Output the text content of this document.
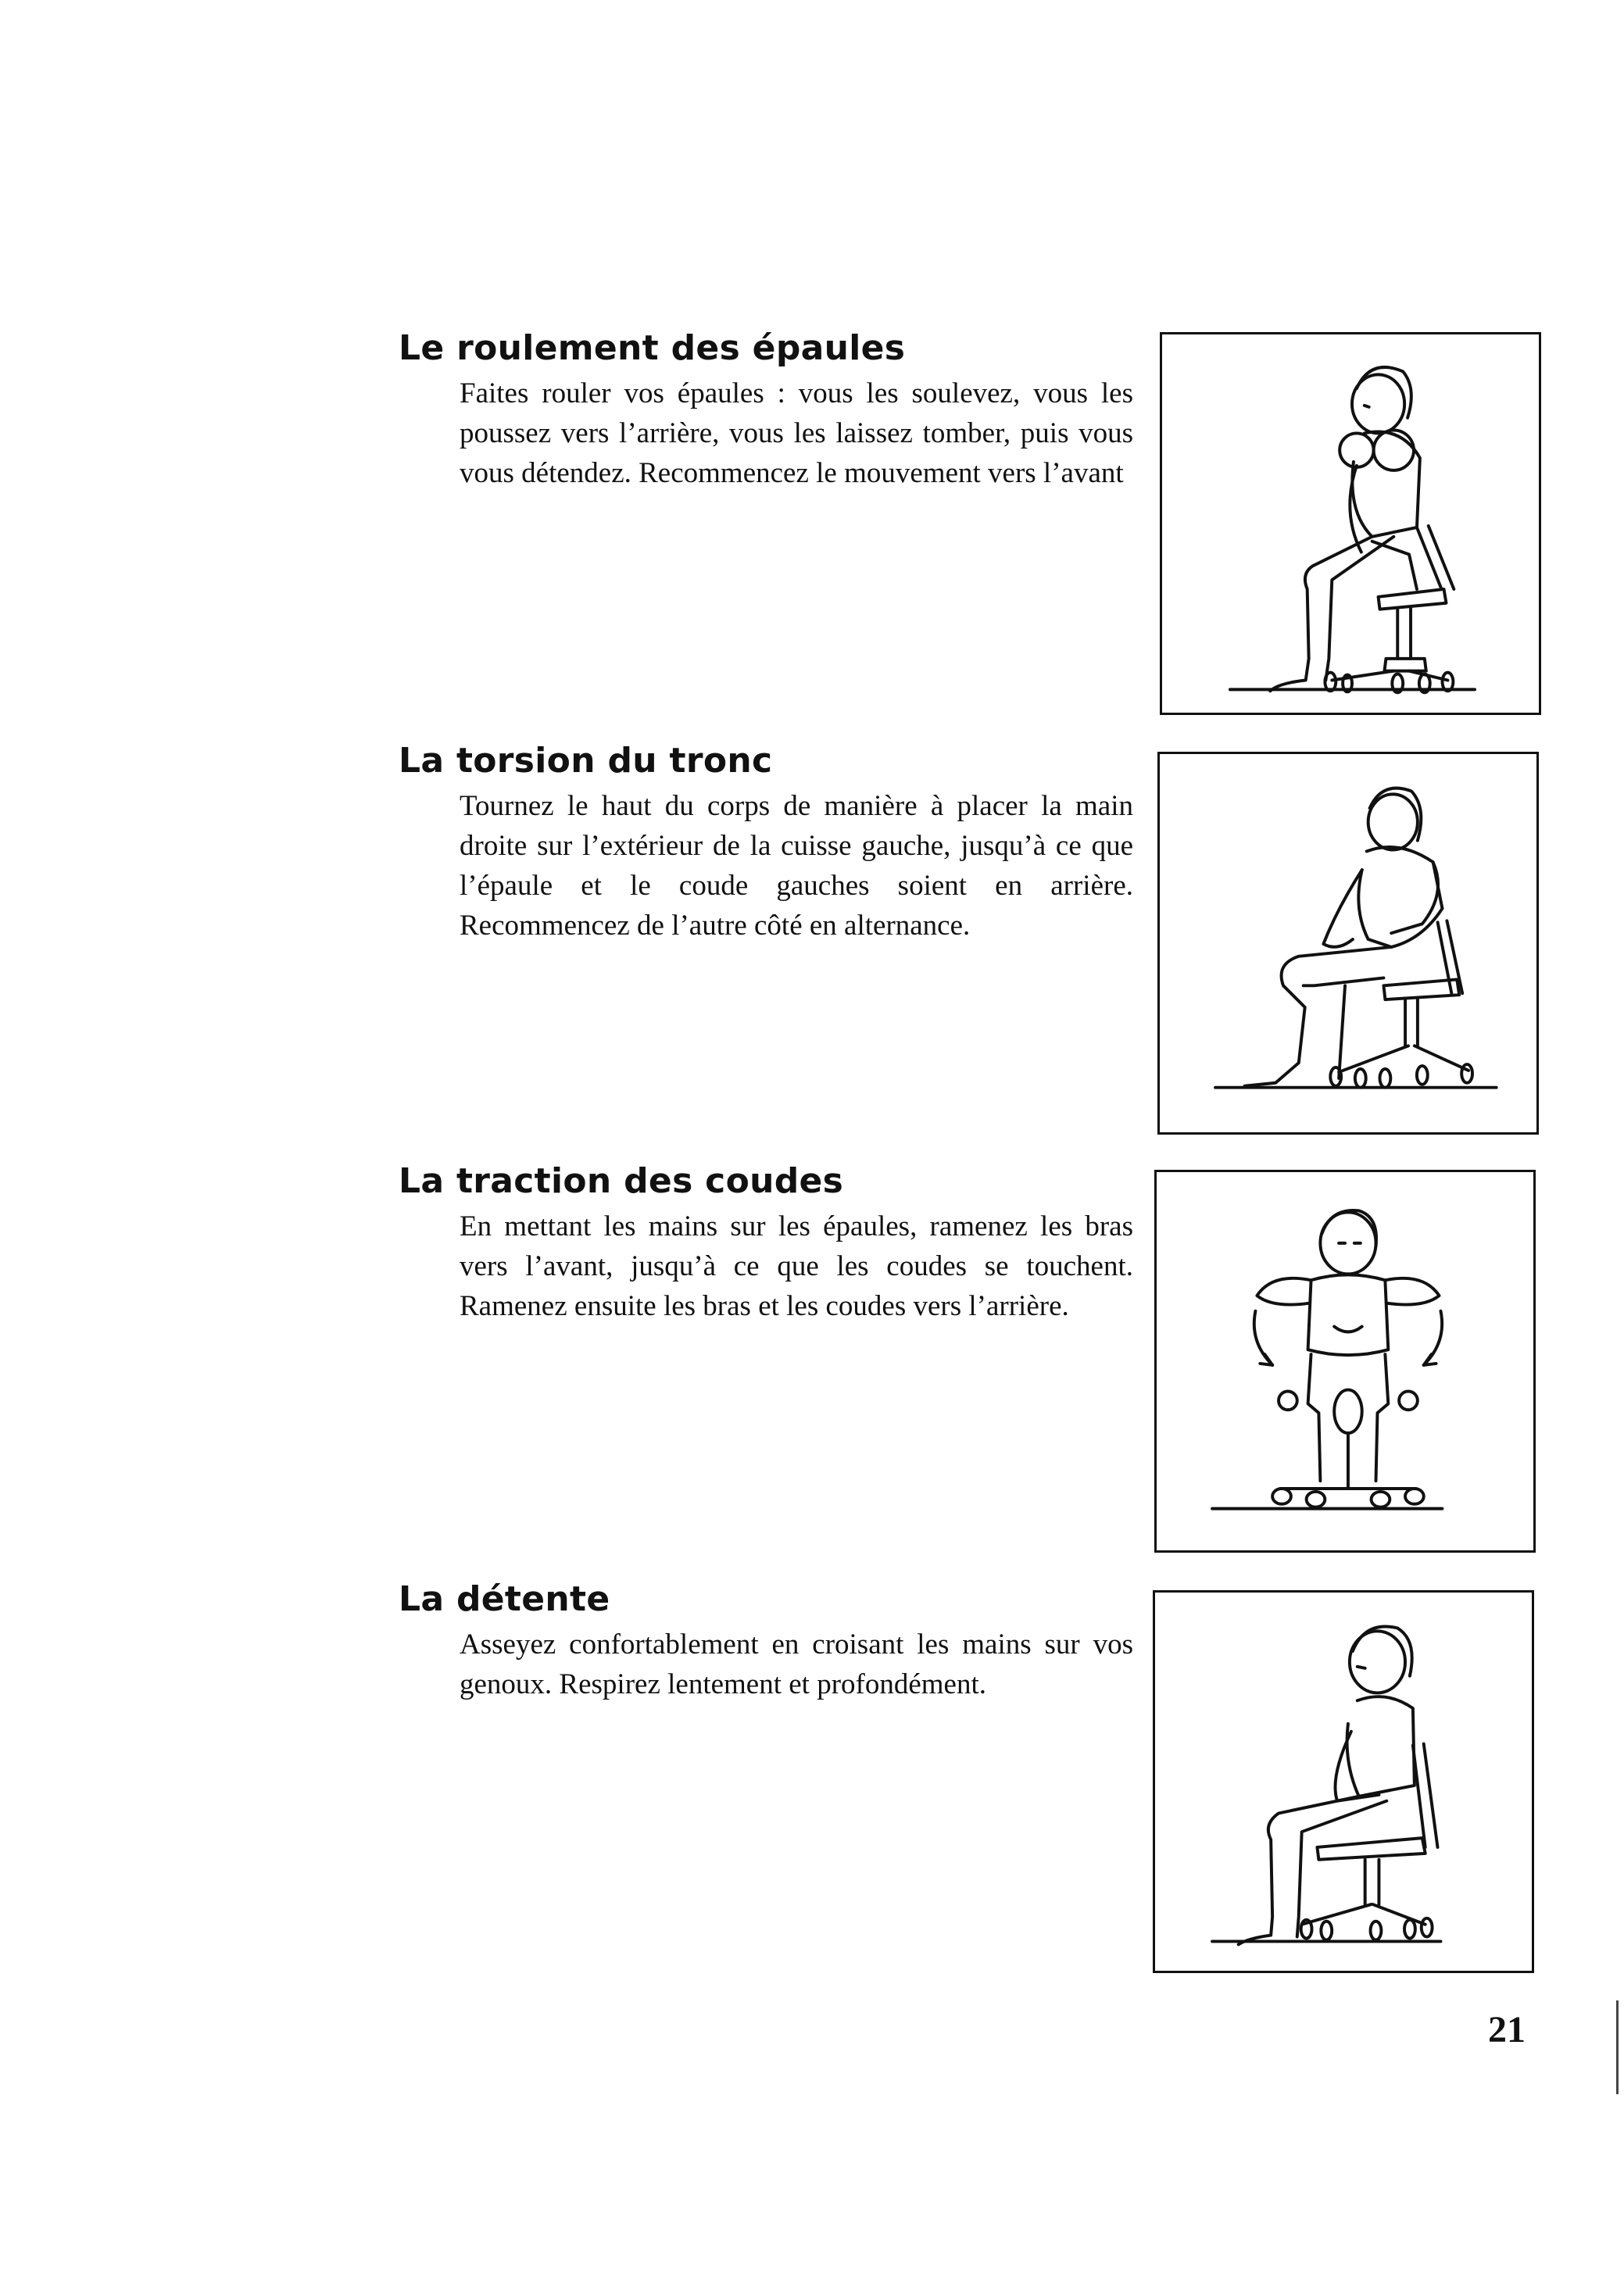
Le roulement des épaules

Faites rouler vos épaules : vous les soulevez, vous les poussez vers l’arrière, vous les laissez tomber, puis vous vous détendez. Recommencez le mouvement vers l’avant

La torsion du tronc

Tournez le haut du corps de manière à placer la main droite sur l’extérieur de la cuisse gauche, jusqu’à ce que l’épaule et le coude gauches soient en arrière. Recommencez de l’autre côté en alternance.

La traction des coudes

En mettant les mains sur les épaules, ramenez les bras vers l’avant, jusqu’à ce que les coudes se touchent. Ramenez ensuite les bras et les coudes vers l’arrière.

La détente

Asseyez confortablement en croisant les mains sur vos genoux. Respirez lentement et profondément.

21
